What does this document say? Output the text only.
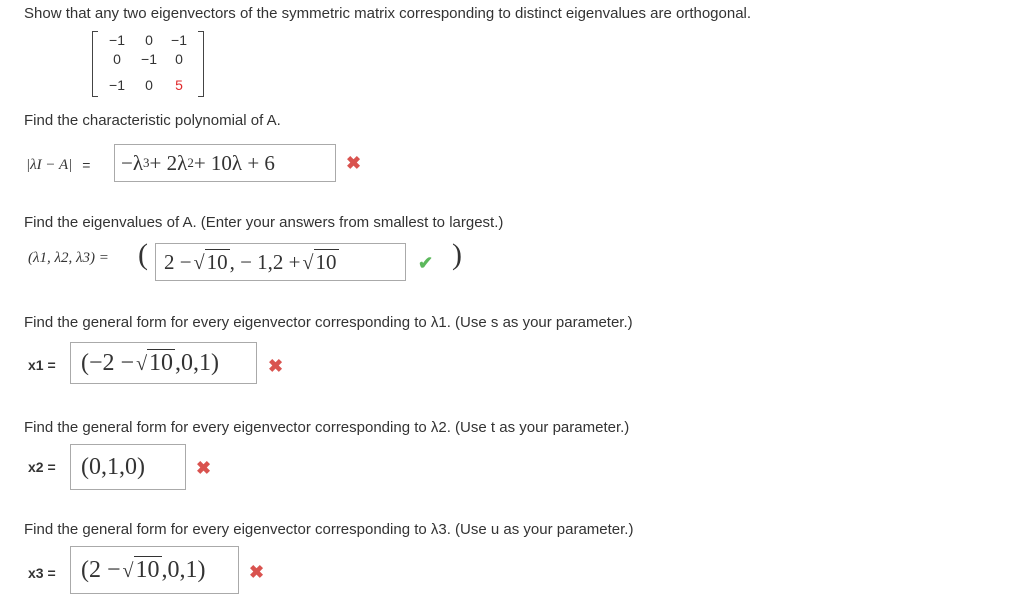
Show that any two eigenvectors of the symmetric matrix corresponding to distinct eigenvalues are orthogonal.
−1	0	−1
0	−1	0
−1	0	5
Find the characteristic polynomial of A.
|λI − A| = −λ 3 + 2λ 2 + 10λ + 6	✖
Find the eigenvalues of A. (Enter your answers from smallest to largest.)
(λ1, λ2, λ3) = ( 2 − √10 , − 1,2 + √10	✔ )
Find the general form for every eigenvector corresponding to λ1. (Use s as your parameter.)
x1 = (−2 − √10 ,0,1)	✖
Find the general form for every eigenvector corresponding to λ2. (Use t as your parameter.)
x2 = (0,1,0)	✖
Find the general form for every eigenvector corresponding to λ3. (Use u as your parameter.)
x3 = (2 − √10 ,0,1) ✖
